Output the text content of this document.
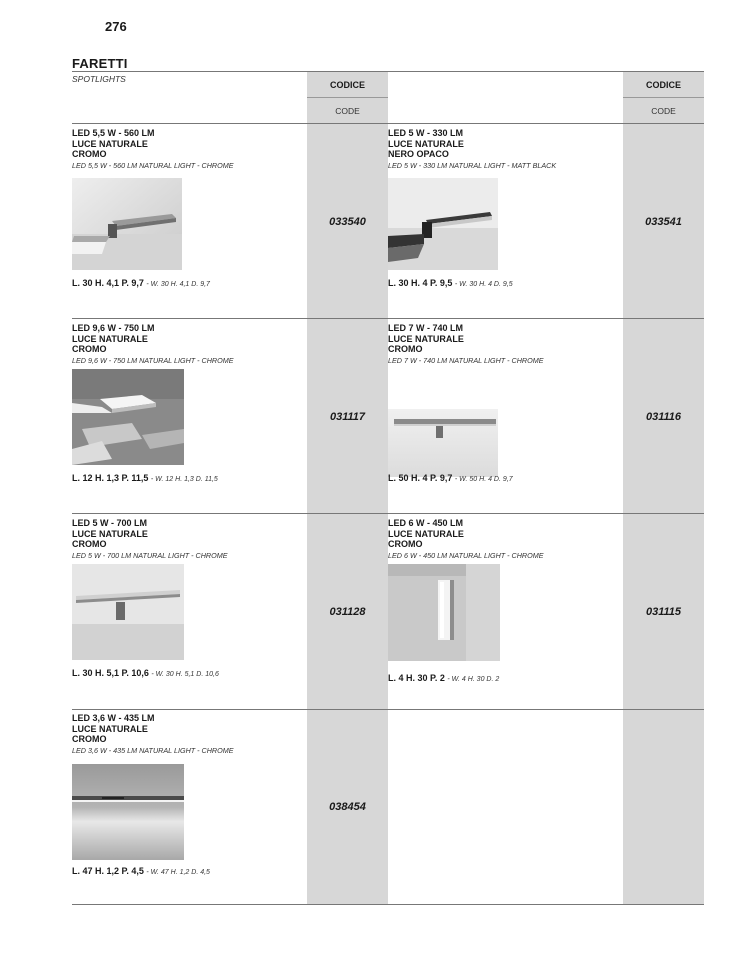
276
FARETTI
SPOTLIGHTS
CODICE
CODE
CODICE
CODE
LED 5,5 W - 560 LM
LUCE NATURALE
CROMO
LED 5,5 W - 560 LM NATURAL LIGHT - CHROME
L. 30 H. 4,1 P. 9,7 - W. 30 H. 4,1 D. 9,7
033540
LED 5 W - 330 LM
LUCE NATURALE
NERO OPACO
LED 5 W - 330 LM NATURAL LIGHT - MATT BLACK
L. 30 H. 4 P. 9,5 - W. 30 H. 4 D. 9,5
033541
LED 9,6 W - 750 LM
LUCE NATURALE
CROMO
LED 9,6 W - 750 LM NATURAL LIGHT - CHROME
L. 12 H. 1,3 P. 11,5 - W. 12 H. 1,3 D. 11,5
031117
LED 7 W - 740 LM
LUCE NATURALE
CROMO
LED 7 W - 740 LM NATURAL LIGHT - CHROME
L. 50 H. 4 P. 9,7 - W. 50 H. 4 D. 9,7
031116
LED 5 W - 700 LM
LUCE NATURALE
CROMO
LED 5 W - 700 LM NATURAL LIGHT - CHROME
L. 30 H. 5,1 P. 10,6 - W. 30 H. 5,1 D. 10,6
031128
LED 6 W - 450 LM
LUCE NATURALE
CROMO
LED 6 W - 450 LM NATURAL LIGHT - CHROME
L. 4 H. 30 P. 2 - W. 4 H. 30 D. 2
031115
LED 3,6 W - 435 LM
LUCE NATURALE
CROMO
LED 3,6 W - 435 LM NATURAL LIGHT - CHROME
L. 47 H. 1,2 P. 4,5 - W. 47 H. 1,2 D. 4,5
038454
